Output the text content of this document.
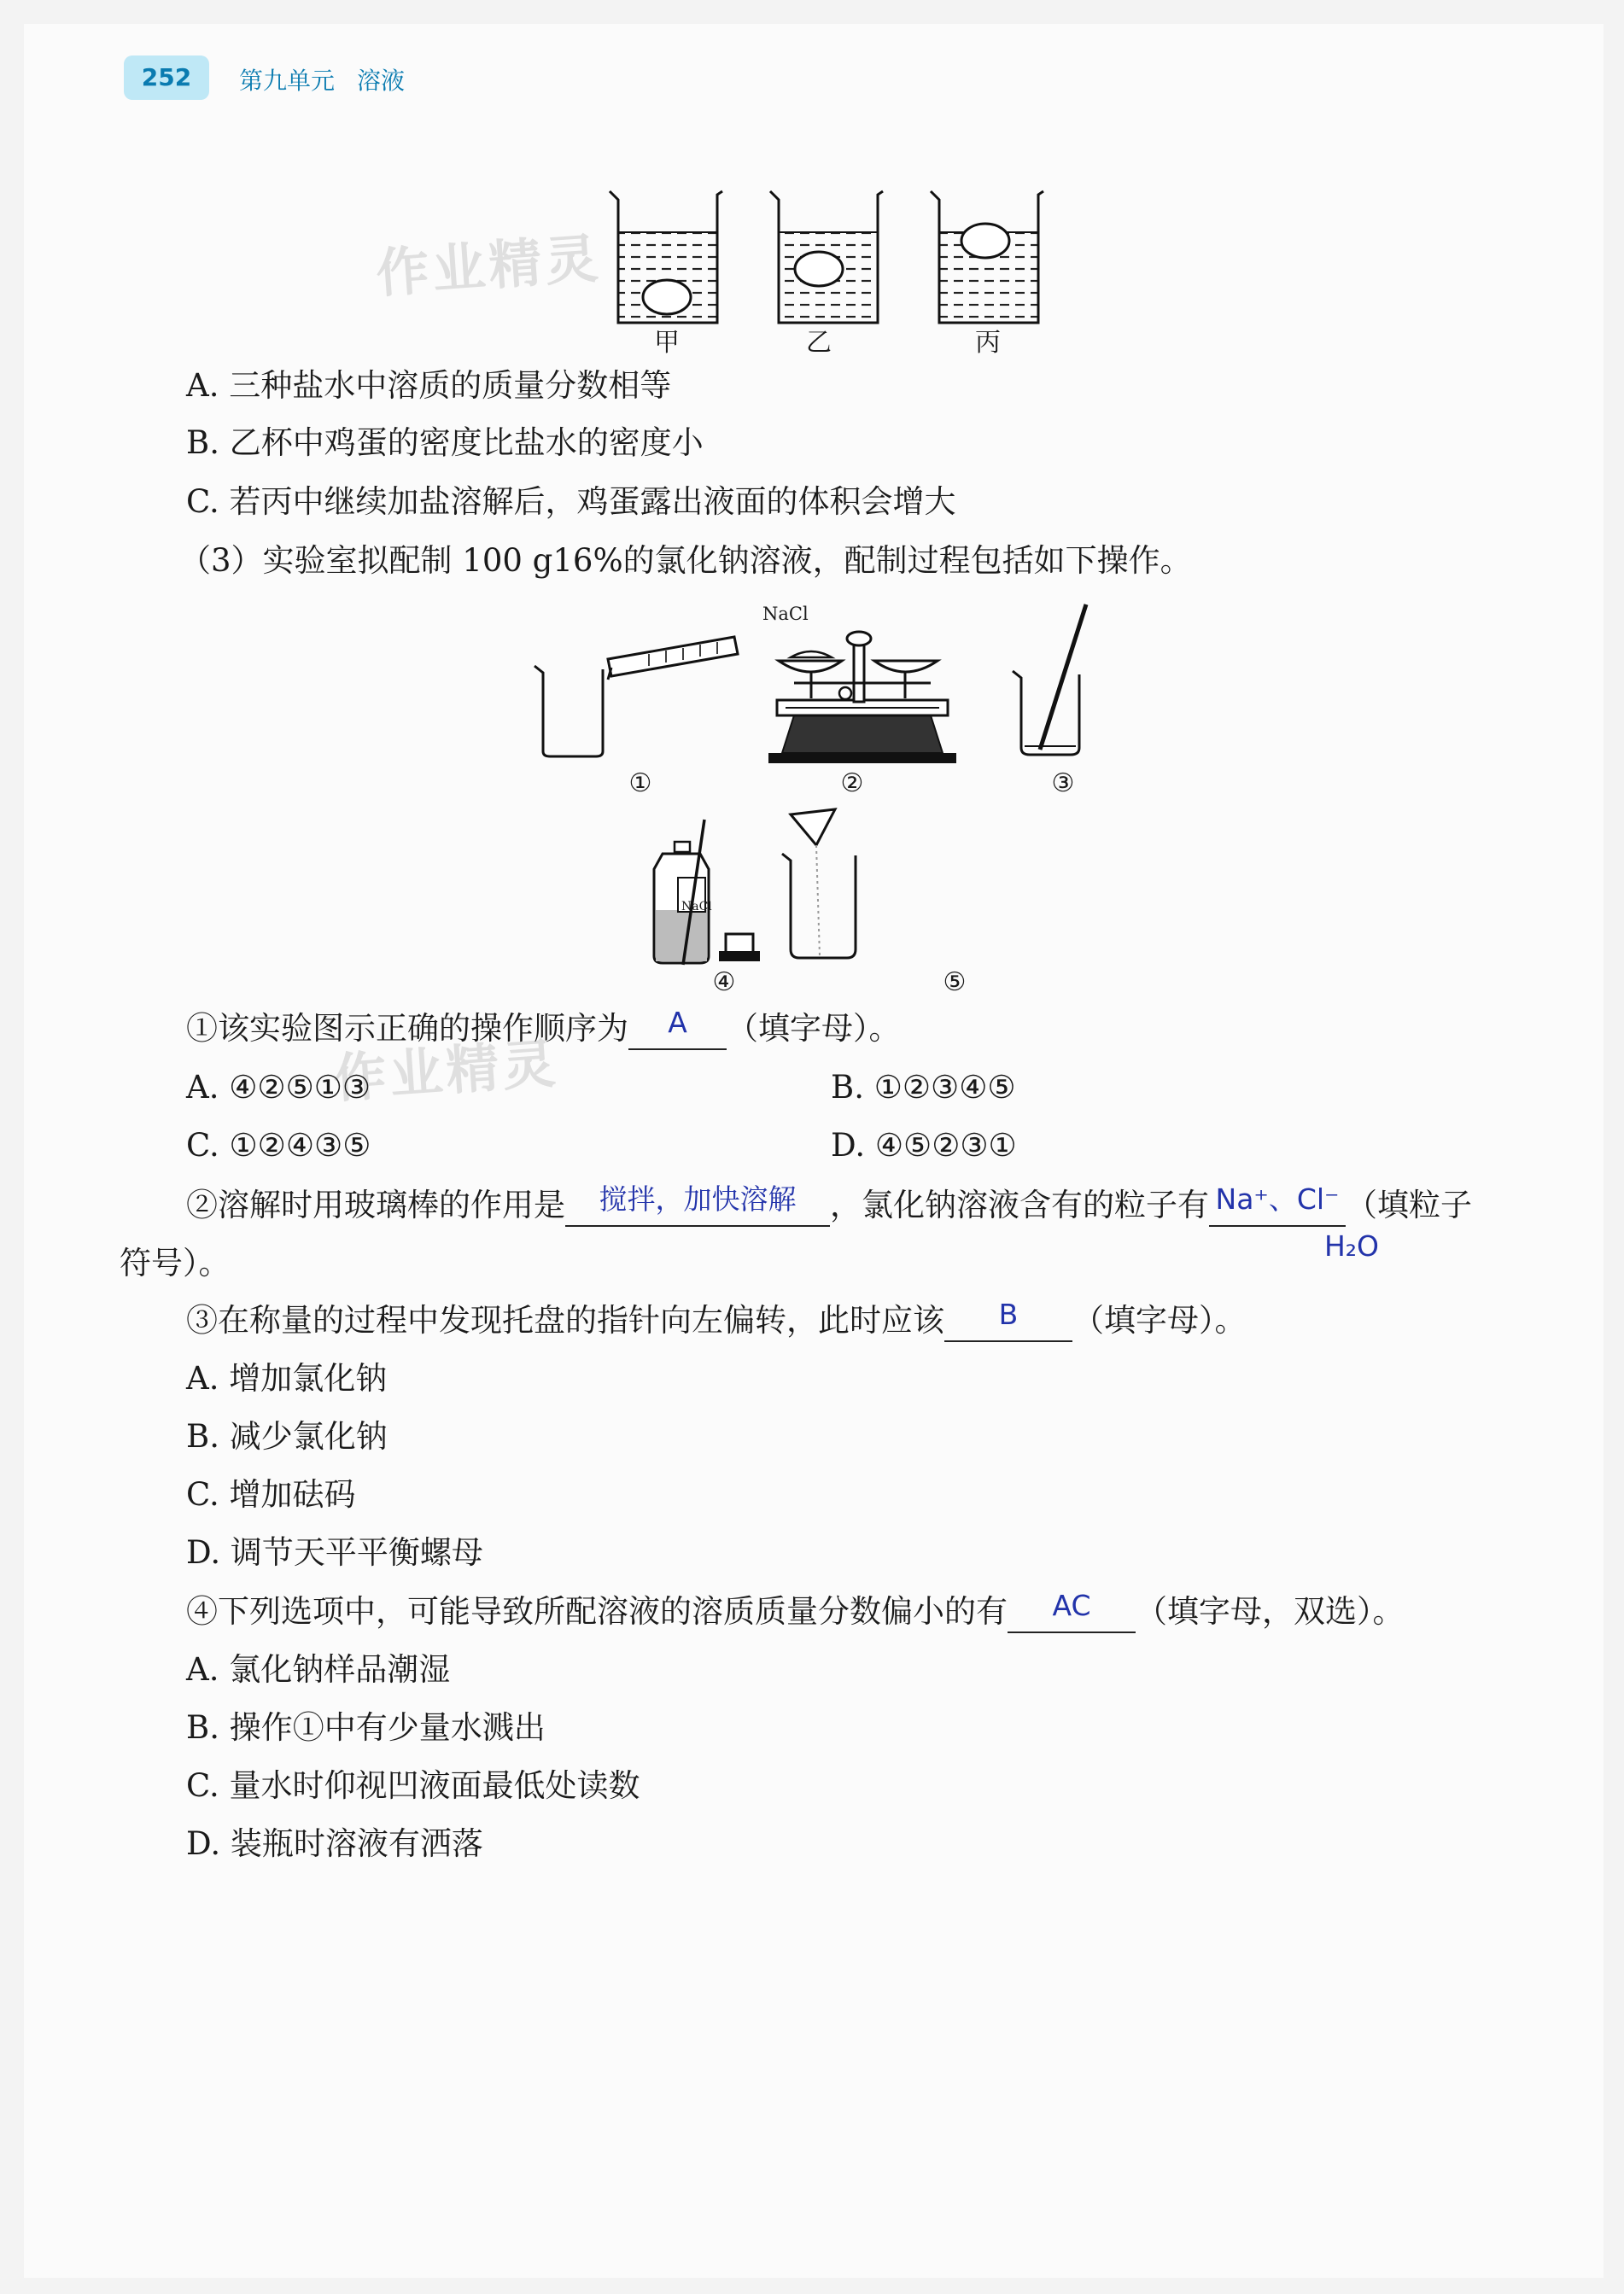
252	第九单元 溶液
作业精灵
作业精灵
甲	乙	丙
A. 三种盐水中溶质的质量分数相等
B. 乙杯中鸡蛋的密度比盐水的密度小
C. 若丙中继续加盐溶解后，鸡蛋露出液面的体积会增大
（3）实验室拟配制 100 g16%的氯化钠溶液，配制过程包括如下操作。
NaCl
NaCl
①	②	③
④	⑤
①该实验图示正确的操作顺序为 A （填字母）。
A. ④②⑤①③	B. ①②③④⑤
C. ①②④③⑤	D. ④⑤②③①
②溶解时用玻璃棒的作用是 搅拌，加快溶解 ，氯化钠溶液含有的粒子有 Na⁺、Cl⁻ （填粒子
H₂O
符号）。
③在称量的过程中发现托盘的指针向左偏转，此时应该 B （填字母）。
A. 增加氯化钠
B. 减少氯化钠
C. 增加砝码
D. 调节天平平衡螺母
④下列选项中，可能导致所配溶液的溶质质量分数偏小的有 AC （填字母，双选）。
A. 氯化钠样品潮湿
B. 操作①中有少量水溅出
C. 量水时仰视凹液面最低处读数
D. 装瓶时溶液有洒落
